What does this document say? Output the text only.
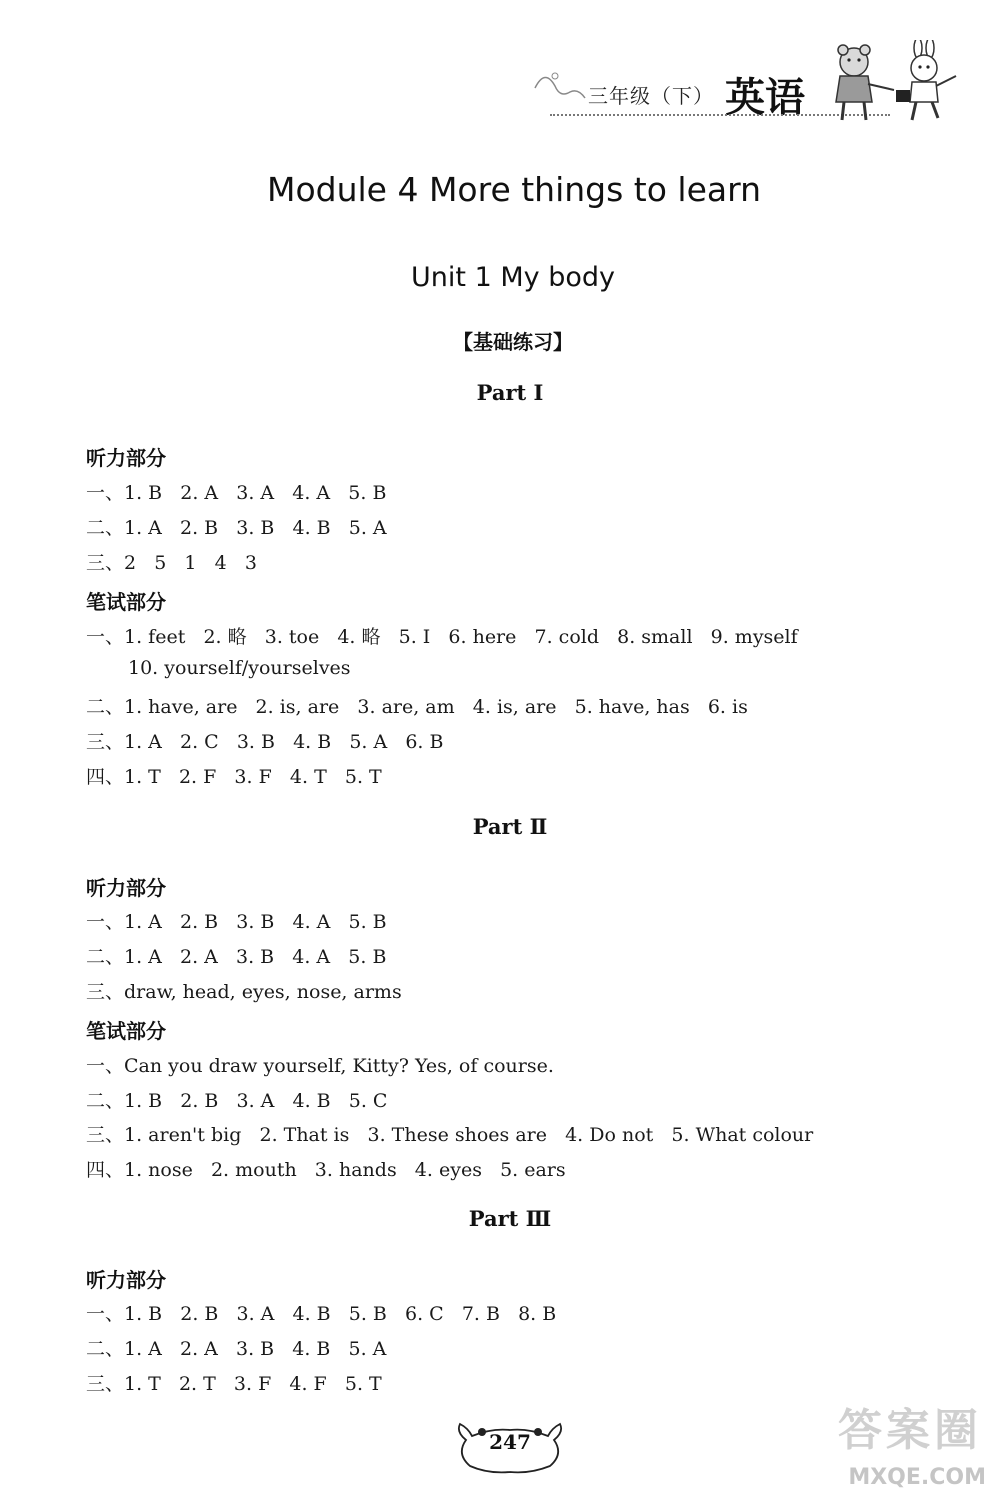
三年级（下） 英语
Module 4 More things to learn
Unit 1 My body
【基础练习】
Part Ⅰ
听力部分
一、1. B   2. A   3. A   4. A   5. B
二、1. A   2. B   3. B   4. B   5. A
三、2   5   1   4   3
笔试部分
一、1. feet   2. 略   3. toe   4. 略   5. I   6. here   7. cold   8. small   9. myself
10. yourself/yourselves
二、1. have, are   2. is, are   3. are, am   4. is, are   5. have, has   6. is
三、1. A   2. C   3. B   4. B   5. A   6. B
四、1. T   2. F   3. F   4. T   5. T
Part Ⅱ
听力部分
一、1. A   2. B   3. B   4. A   5. B
二、1. A   2. A   3. B   4. A   5. B
三、draw, head, eyes, nose, arms
笔试部分
一、Can you draw yourself, Kitty? Yes, of course.
二、1. B   2. B   3. A   4. B   5. C
三、1. aren't big   2. That is   3. These shoes are   4. Do not   5. What colour
四、1. nose   2. mouth   3. hands   4. eyes   5. ears
Part Ⅲ
听力部分
一、1. B   2. B   3. A   4. B   5. B   6. C   7. B   8. B
二、1. A   2. A   3. B   4. B   5. A
三、1. T   2. T   3. F   4. F   5. T
247	答案圈
MXQE.COM
